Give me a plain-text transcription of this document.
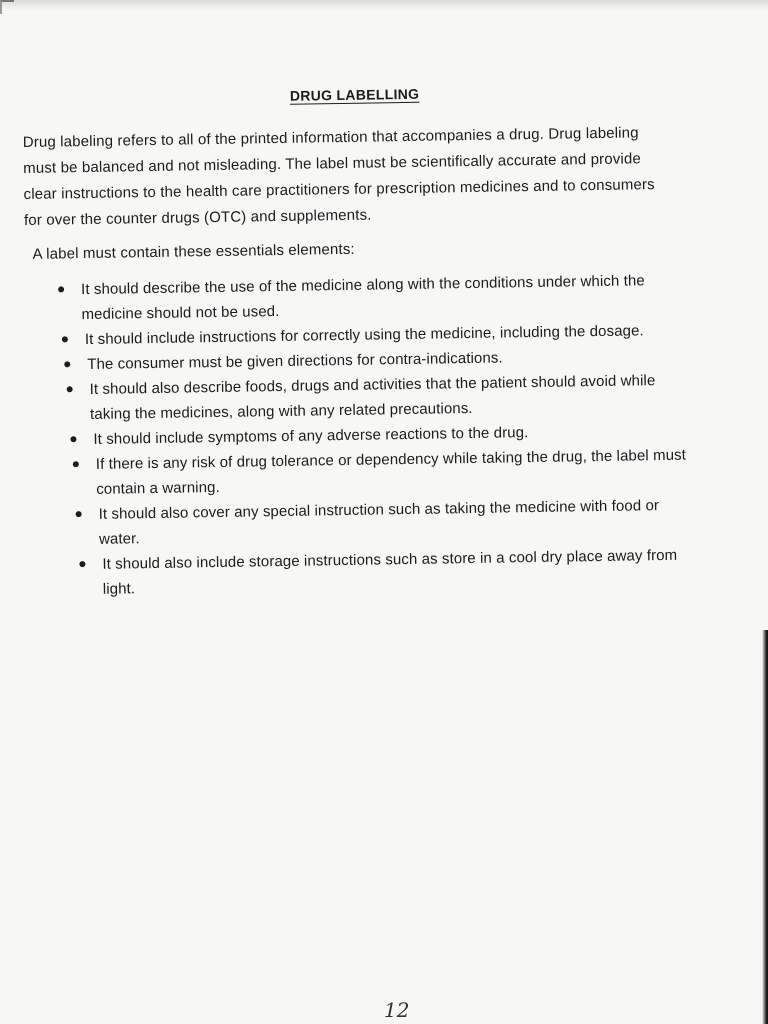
DRUG LABELLING

Drug labeling refers to all of the printed information that accompanies a drug. Drug labeling must be balanced and not misleading. The label must be scientifically accurate and provide clear instructions to the health care practitioners for prescription medicines and to consumers for over the counter drugs (OTC) and supplements.

A label must contain these essentials elements:

It should describe the use of the medicine along with the conditions under which the medicine should not be used.
It should include instructions for correctly using the medicine, including the dosage.
The consumer must be given directions for contra-indications.
It should also describe foods, drugs and activities that the patient should avoid while taking the medicines, along with any related precautions.
It should include symptoms of any adverse reactions to the drug.
If there is any risk of drug tolerance or dependency while taking the drug, the label must contain a warning.
It should also cover any special instruction such as taking the medicine with food or water.
It should also include storage instructions such as store in a cool dry place away from light.
12
